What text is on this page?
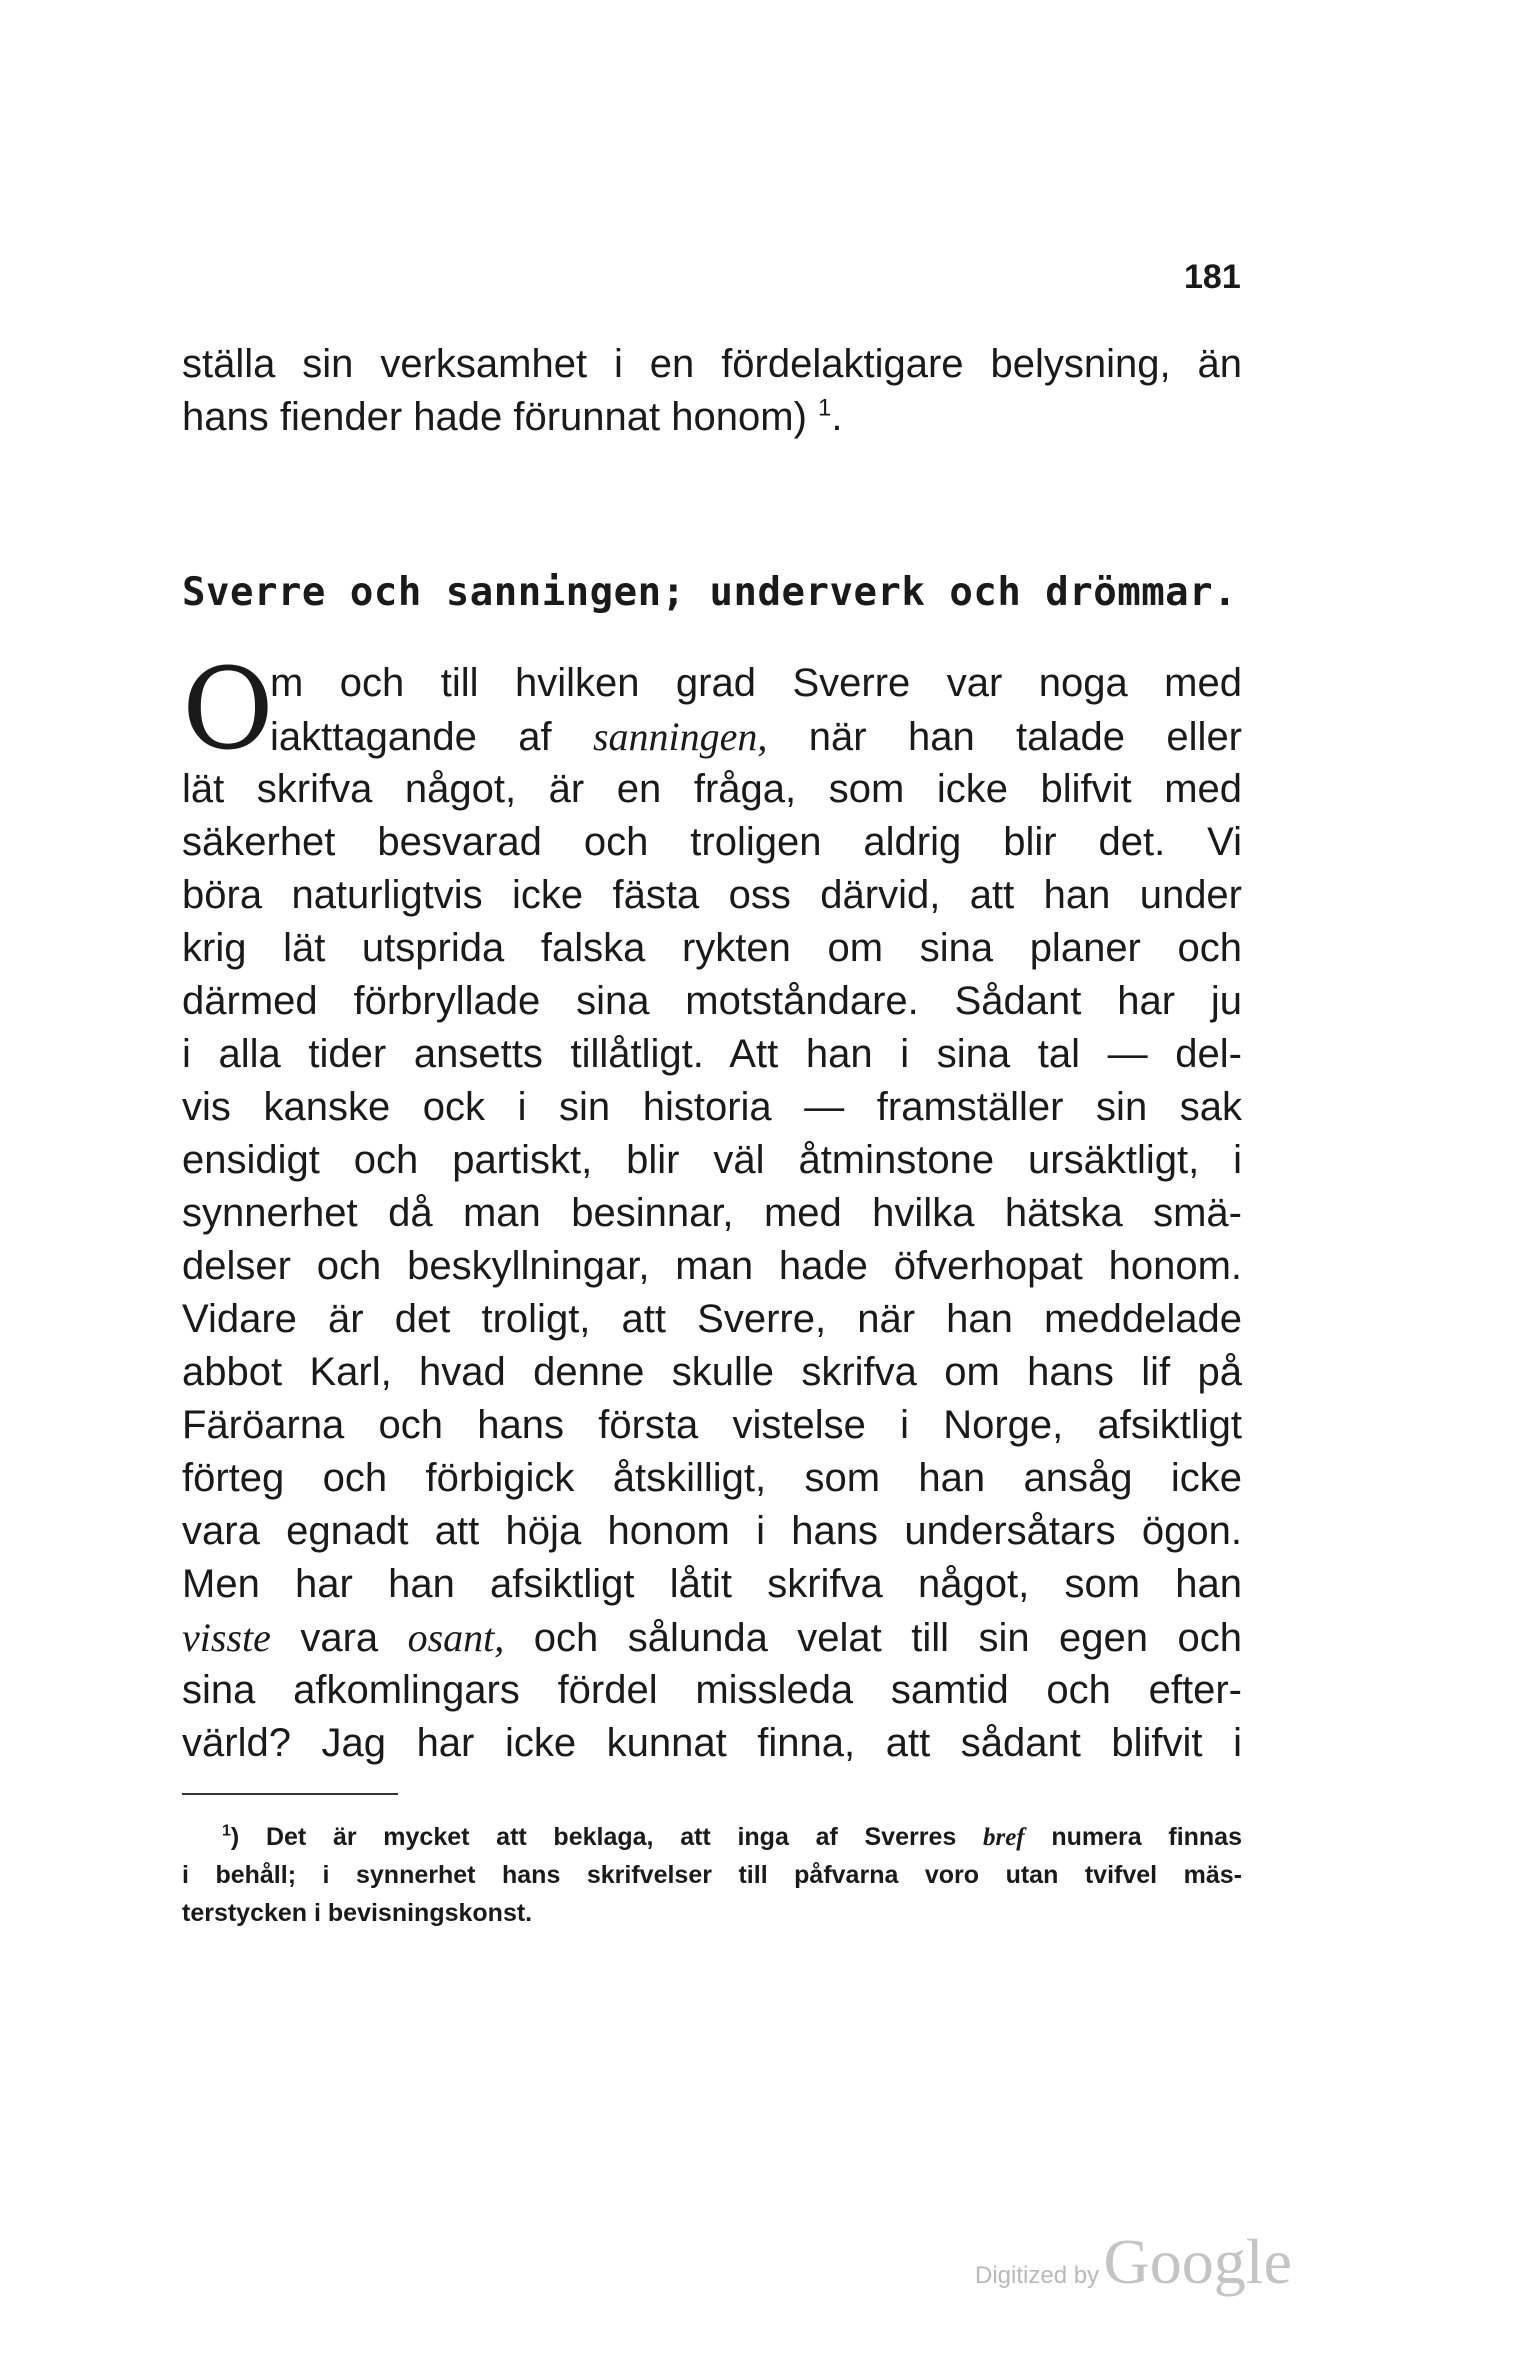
181
ställa sin verksamhet i en fördelaktigare belysning, än
hans fiender hade förunnat honom) $^1$.
Sverre och sanningen; underverk och drömmar.
O
m och till hvilken grad Sverre var noga med
iakttagande af sanningen, när han talade eller
lät skrifva något, är en fråga, som icke blifvit med
säkerhet besvarad och troligen aldrig blir det. Vi
böra naturligtvis icke fästa oss därvid, att han under
krig lät utsprida falska rykten om sina planer och
därmed förbryllade sina motståndare. Sådant har ju
i alla tider ansetts tillåtligt. Att han i sina tal — del-
vis kanske ock i sin historia — framställer sin sak
ensidigt och partiskt, blir väl åtminstone ursäktligt, i
synnerhet då man besinnar, med hvilka hätska smä-
delser och beskyllningar, man hade öfverhopat honom.
Vidare är det troligt, att Sverre, när han meddelade
abbot Karl, hvad denne skulle skrifva om hans lif på
Färöarna och hans första vistelse i Norge, afsiktligt
förteg och förbigick åtskilligt, som han ansåg icke
vara egnadt att höja honom i hans undersåtars ögon.
Men har han afsiktligt låtit skrifva något, som han
visste vara osant, och sålunda velat till sin egen och
sina afkomlingars fördel missleda samtid och efter-
värld? Jag har icke kunnat finna, att sådant blifvit i
$^1$) Det är mycket att beklaga, att inga af Sverres bref numera finnas
i behåll; i synnerhet hans skrifvelser till påfvarna voro utan tvifvel mäs-
terstycken i bevisningskonst.
Digitized by Google
